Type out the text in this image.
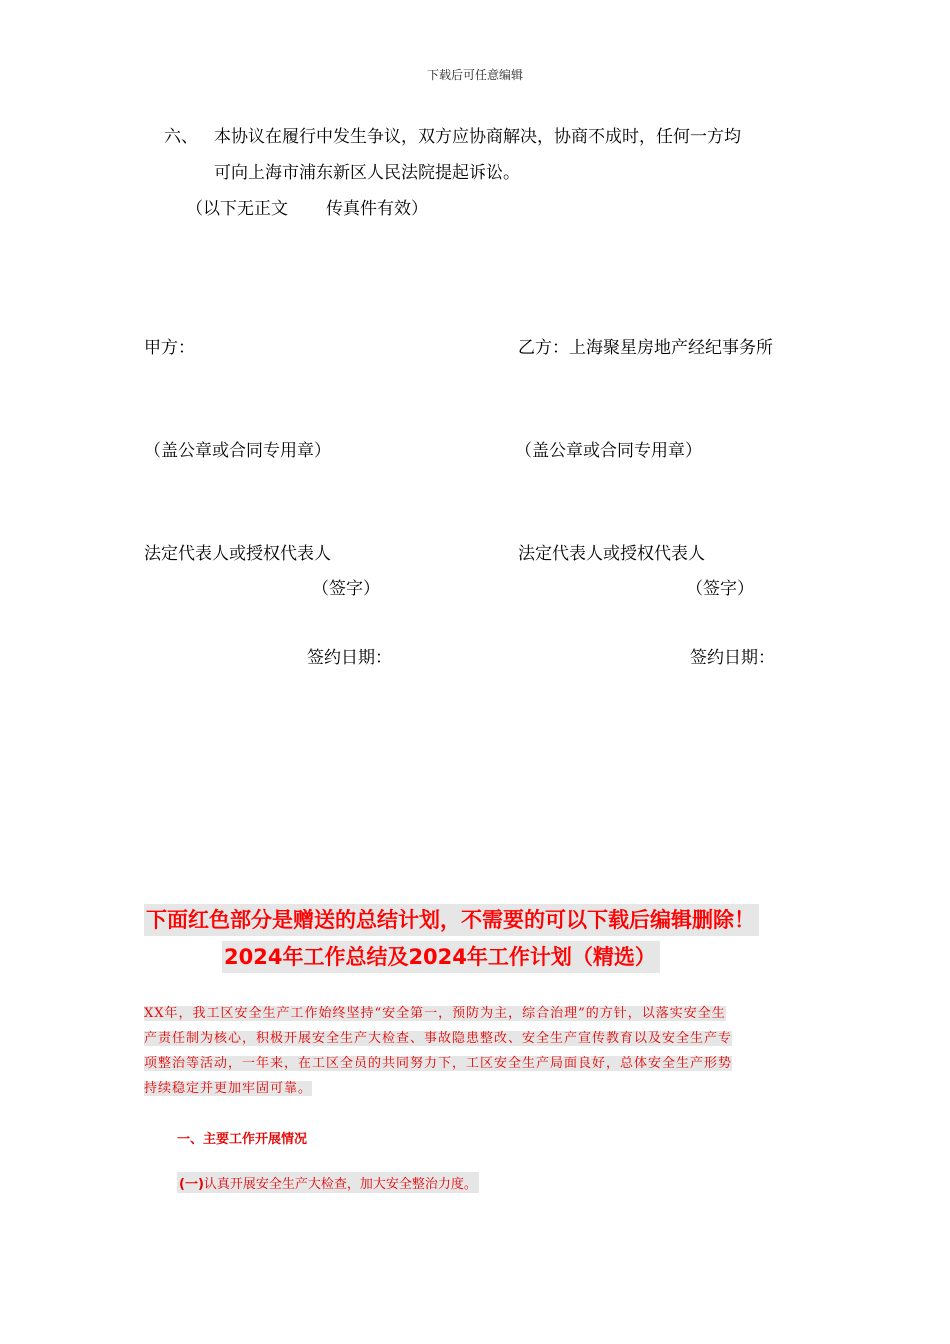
下载后可任意编辑
六、 本协议在履行中发生争议，双方应协商解决，协商不成时，任何一方均
可向上海市浦东新区人民法院提起诉讼。
（以下无正文 传真件有效）
甲方：	乙方：上海聚星房地产经纪事务所
（盖公章或合同专用章）	（盖公章或合同专用章）
法定代表人或授权代表人	法定代表人或授权代表人
（签字）	（签字）
签约日期：	签约日期：
下面红色部分是赠送的总结计划，不需要的可以下载后编辑删除！
2024年工作总结及2024年工作计划（精选）
XX年，我工区安全生产工作始终坚持“安全第一，预防为主，综合治理”的方针，以落实安全生
产责任制为核心，积极开展安全生产大检查、事故隐患整改、安全生产宣传教育以及安全生产专
项整治等活动，一年来，在工区全员的共同努力下，工区安全生产局面良好，总体安全生产形势
持续稳定并更加牢固可靠。
一、主要工作开展情况
(一)认真开展安全生产大检查，加大安全整治力度。
